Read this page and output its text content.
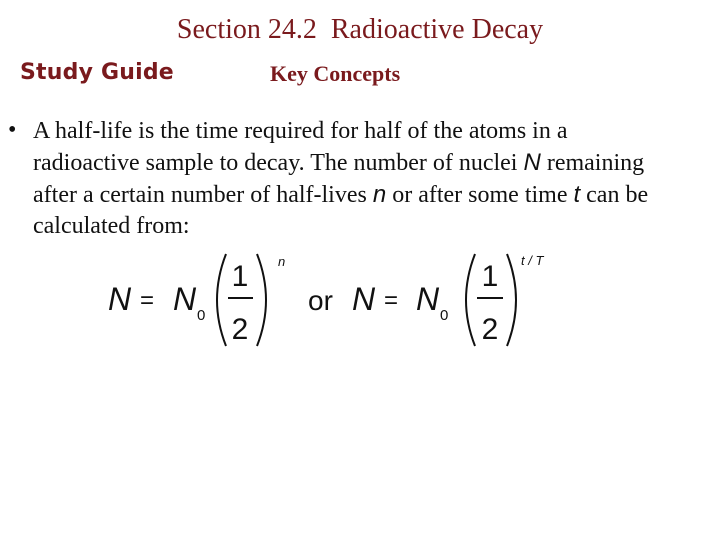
Section 24.2  Radioactive Decay
Study Guide	Key Concepts
• A half-life is the time required for half of the atoms in a radioactive sample to decay. The number of nuclei N remaining after a certain number of half-lives n or after some time t can be calculated from:
N = N 0
1
2
n
or N = N 0
1
2
t / T
